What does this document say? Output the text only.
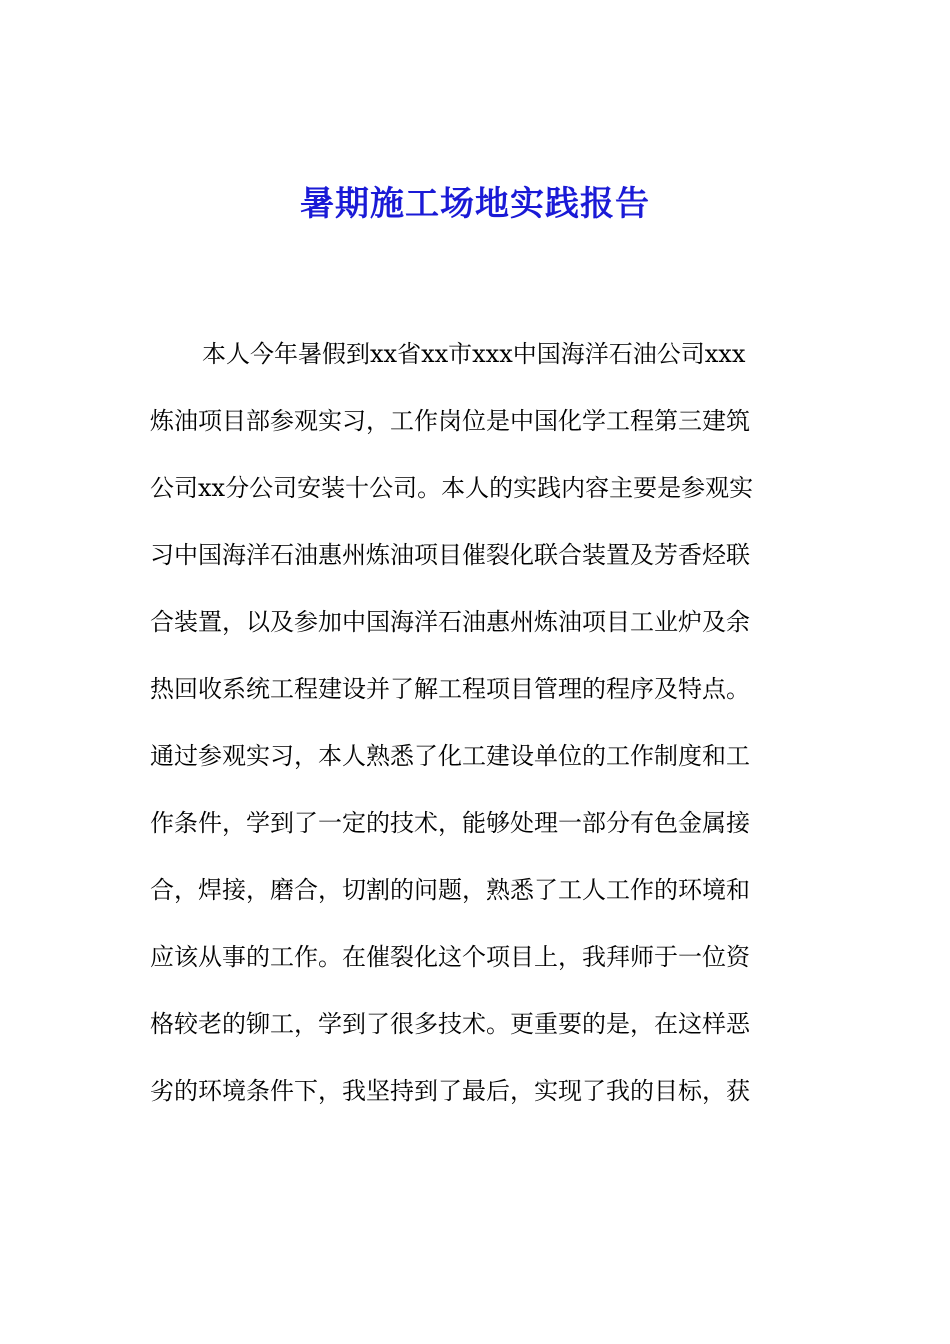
暑期施工场地实践报告
本人今年暑假到xx省xx市xxx中国海洋石油公司xxx
炼油项目部参观实习，工作岗位是中国化学工程第三建筑
公司xx分公司安装十公司。本人的实践内容主要是参观实
习中国海洋石油惠州炼油项目催裂化联合装置及芳香烃联
合装置，以及参加中国海洋石油惠州炼油项目工业炉及余
热回收系统工程建设并了解工程项目管理的程序及特点。
通过参观实习，本人熟悉了化工建设单位的工作制度和工
作条件，学到了一定的技术，能够处理一部分有色金属接
合，焊接，磨合，切割的问题，熟悉了工人工作的环境和
应该从事的工作。在催裂化这个项目上，我拜师于一位资
格较老的铆工，学到了很多技术。更重要的是，在这样恶
劣的环境条件下，我坚持到了最后，实现了我的目标，获
